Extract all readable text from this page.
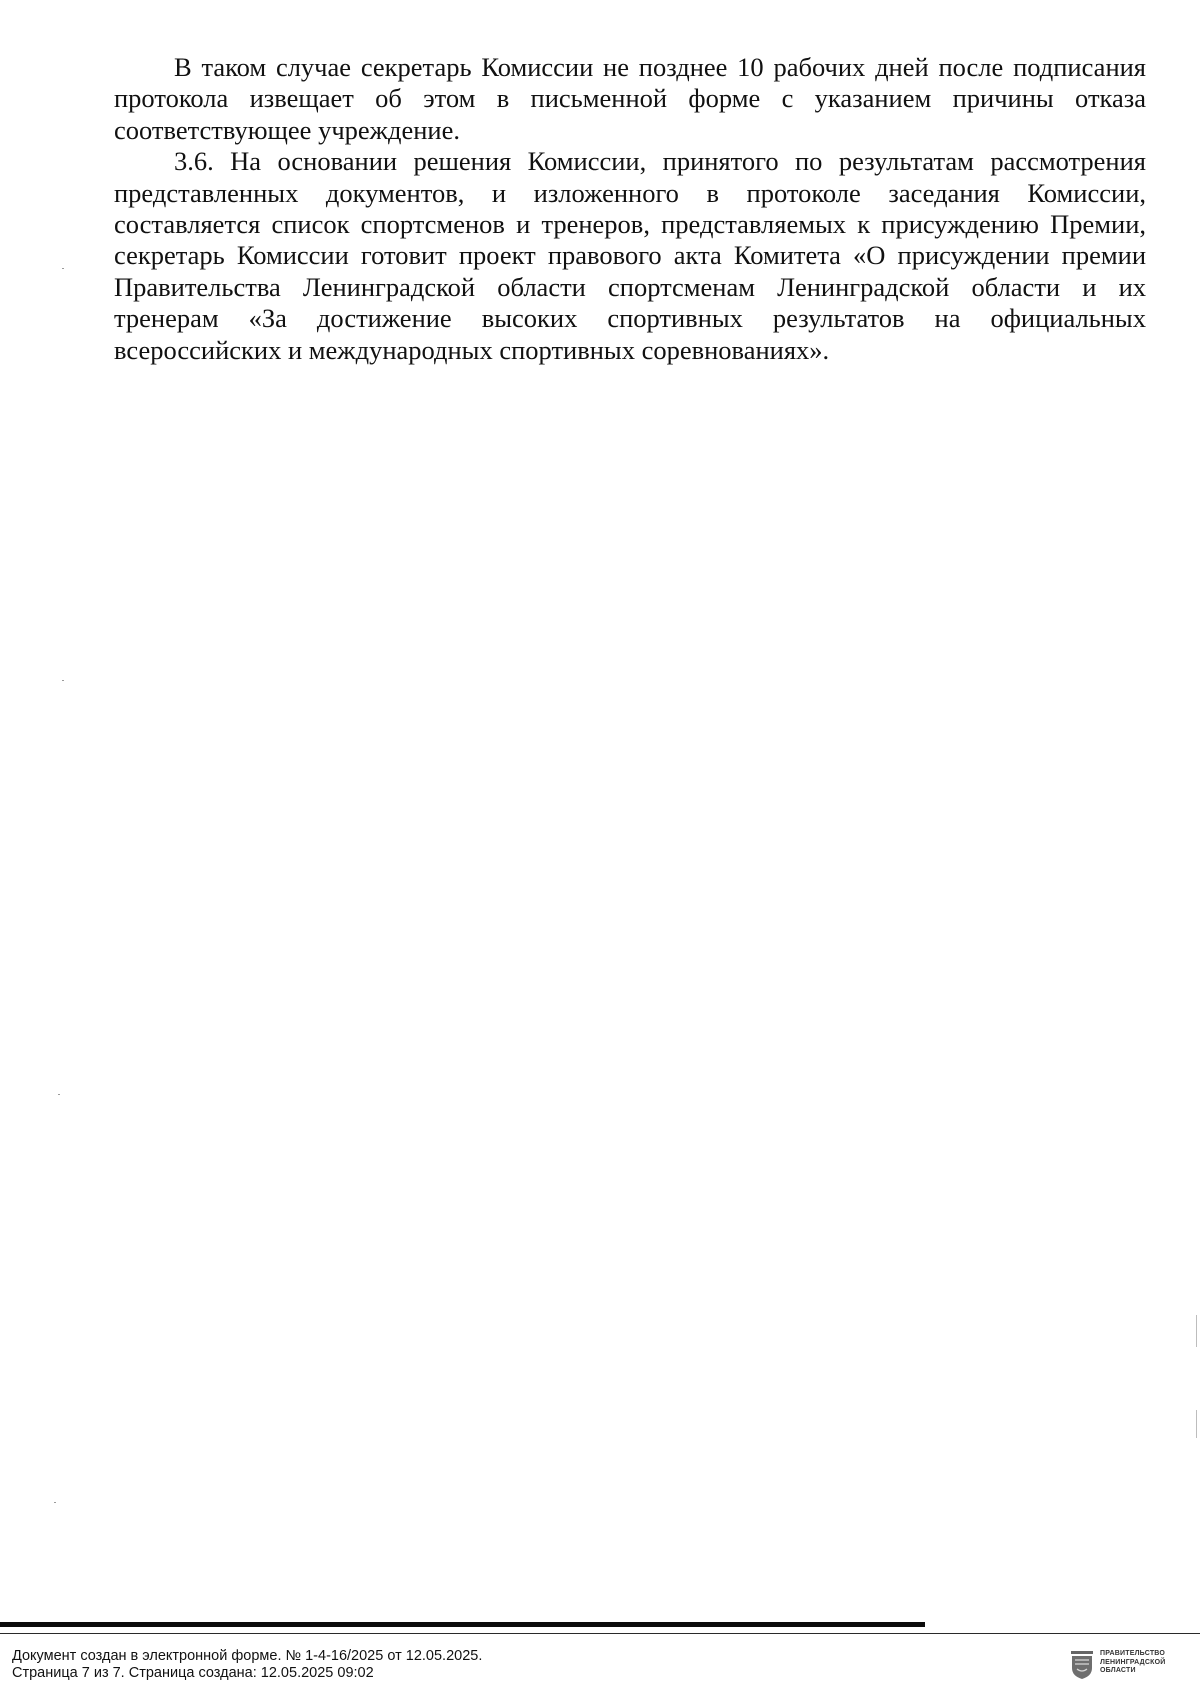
В таком случае секретарь Комиссии не позднее 10 рабочих дней после подписания протокола извещает об этом в письменной форме с указанием причины отказа соответствующее учреждение.

3.6. На основании решения Комиссии, принятого по результатам рассмотрения представленных документов, и изложенного в протоколе заседания Комиссии, составляется список спортсменов и тренеров, представляемых к присуждению Премии, секретарь Комиссии готовит проект правового акта Комитета «О присуждении премии Правительства Ленинградской области спортсменам Ленинградской области и их тренерам «За достижение высоких спортивных результатов на официальных всероссийских и международных спортивных соревнованиях».

Документ создан в электронной форме. № 1-4-16/2025 от 12.05.2025.
Страница 7 из 7. Страница создана: 12.05.2025 09:02
ПРАВИТЕЛЬСТВО
ЛЕНИНГРАДСКОЙ
ОБЛАСТИ
